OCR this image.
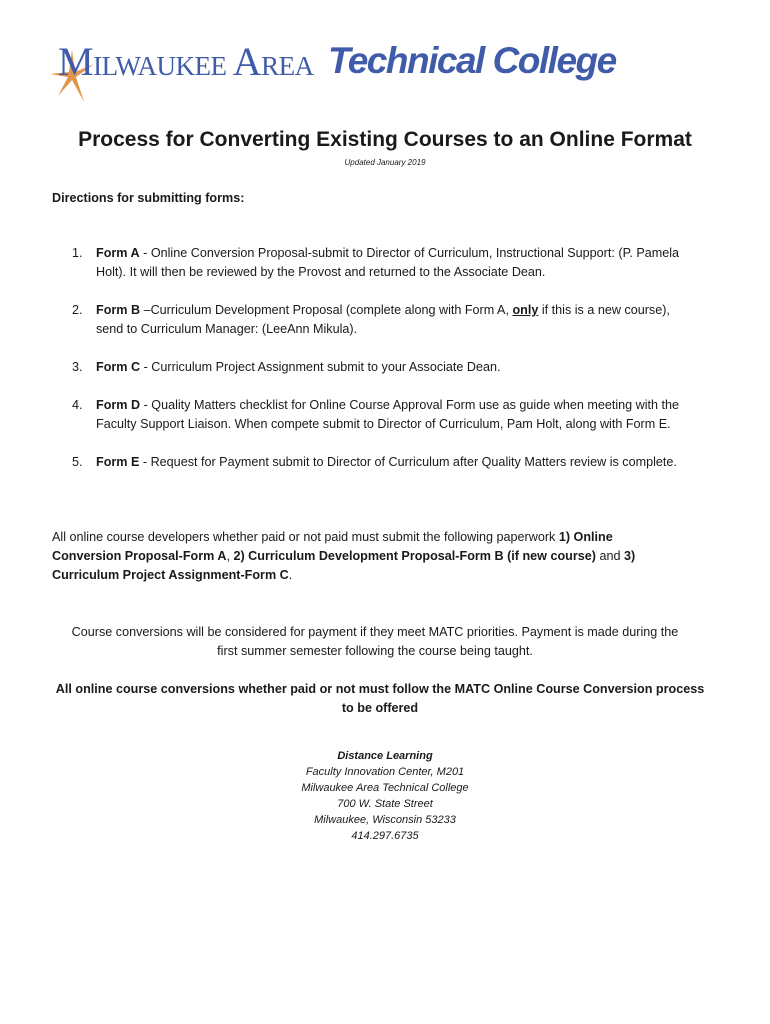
MILWAUKEE AREA Technical College
Process for Converting Existing Courses to an Online Format
Updated January 2019
Directions for submitting forms:
1. Form A - Online Conversion Proposal-submit to Director of Curriculum, Instructional Support: (P. Pamela Holt). It will then be reviewed by the Provost and returned to the Associate Dean.
2. Form B –Curriculum Development Proposal (complete along with Form A, only if this is a new course), send to Curriculum Manager: (LeeAnn Mikula).
3. Form C - Curriculum Project Assignment submit to your Associate Dean.
4. Form D - Quality Matters checklist for Online Course Approval Form use as guide when meeting with the Faculty Support Liaison. When compete submit to Director of Curriculum, Pam Holt, along with Form E.
5. Form E - Request for Payment submit to Director of Curriculum after Quality Matters review is complete.
All online course developers whether paid or not paid must submit the following paperwork 1) Online Conversion Proposal-Form A, 2) Curriculum Development Proposal-Form B (if new course) and 3) Curriculum Project Assignment-Form C.
Course conversions will be considered for payment if they meet MATC priorities. Payment is made during the first summer semester following the course being taught.
All online course conversions whether paid or not must follow the MATC Online Course Conversion process to be offered
Distance Learning
Faculty Innovation Center, M201
Milwaukee Area Technical College
700 W. State Street
Milwaukee, Wisconsin 53233
414.297.6735
